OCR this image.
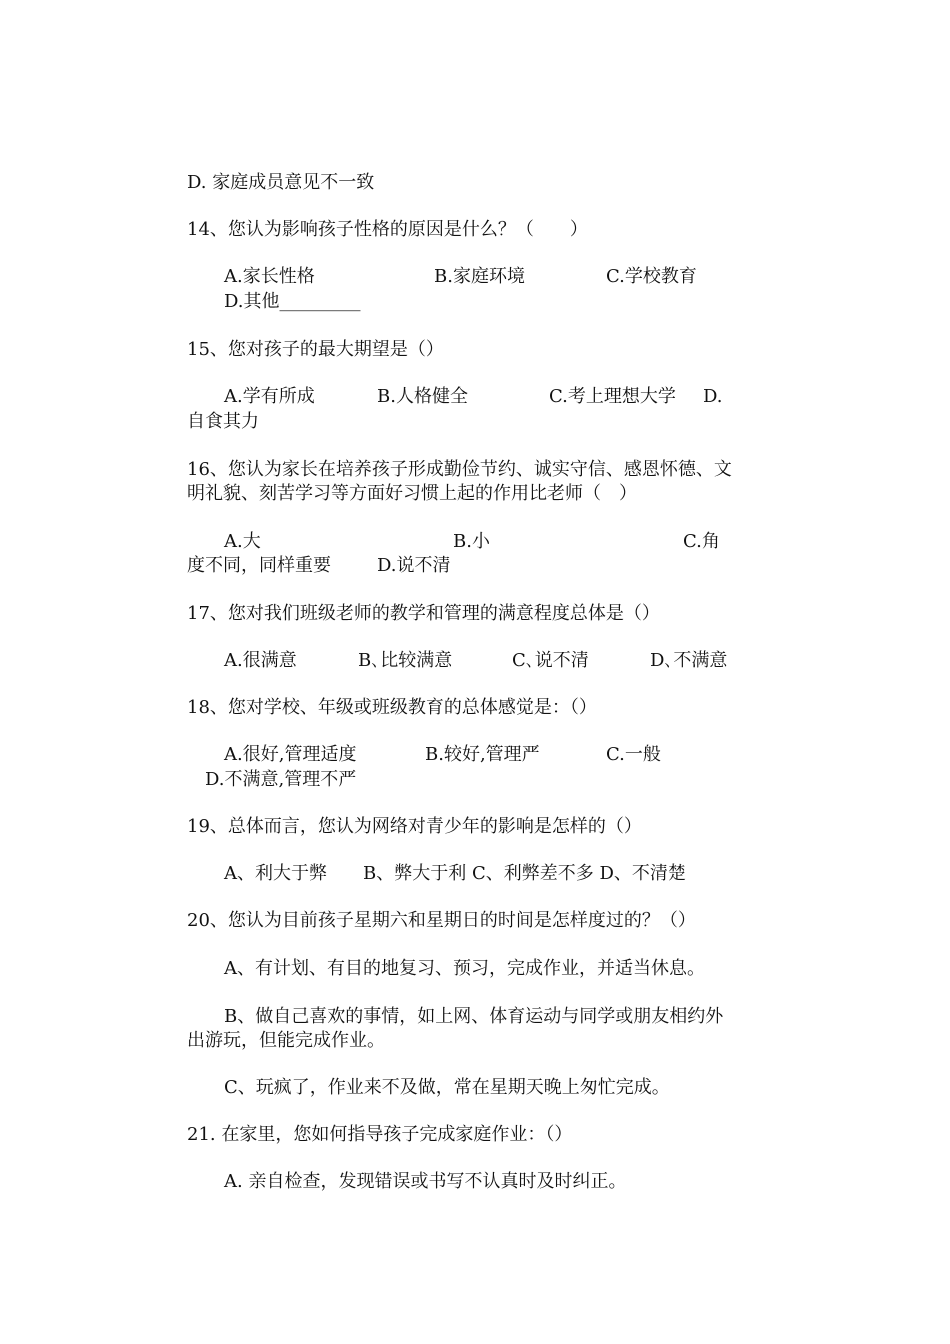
D. 家庭成员意见不一致
14、您认为影响孩子性格的原因是什么？（　　）
A.家长性格	B.家庭环境	C.学校教育
D.其他_________
15、您对孩子的最大期望是（）
A.学有所成	B.人格健全	C.考上理想大学 D.
自食其力
16、您认为家长在培养孩子形成勤俭节约、诚实守信、感恩怀德、文
明礼貌、刻苦学习等方面好习惯上起的作用比老师（　）
A.大	B.小	C.角
度不同，同样重要	D.说不清
17、您对我们班级老师的教学和管理的满意程度总体是（）
A.很满意	B､比较满意	C､说不清	D､不满意
18、您对学校、年级或班级教育的总体感觉是：（）
A.很好,管理适度	B.较好,管理严	C.一般
D.不满意,管理不严
19、总体而言，您认为网络对青少年的影响是怎样的（）
A、利大于弊　　B、弊大于利 C、利弊差不多 D、不清楚
20、您认为目前孩子星期六和星期日的时间是怎样度过的？（）
A、有计划、有目的地复习、预习，完成作业，并适当休息。
B、做自己喜欢的事情，如上网、体育运动与同学或朋友相约外
出游玩，但能完成作业。
C、玩疯了，作业来不及做，常在星期天晚上匆忙完成。
21. 在家里，您如何指导孩子完成家庭作业：（）
A. 亲自检查，发现错误或书写不认真时及时纠正。
